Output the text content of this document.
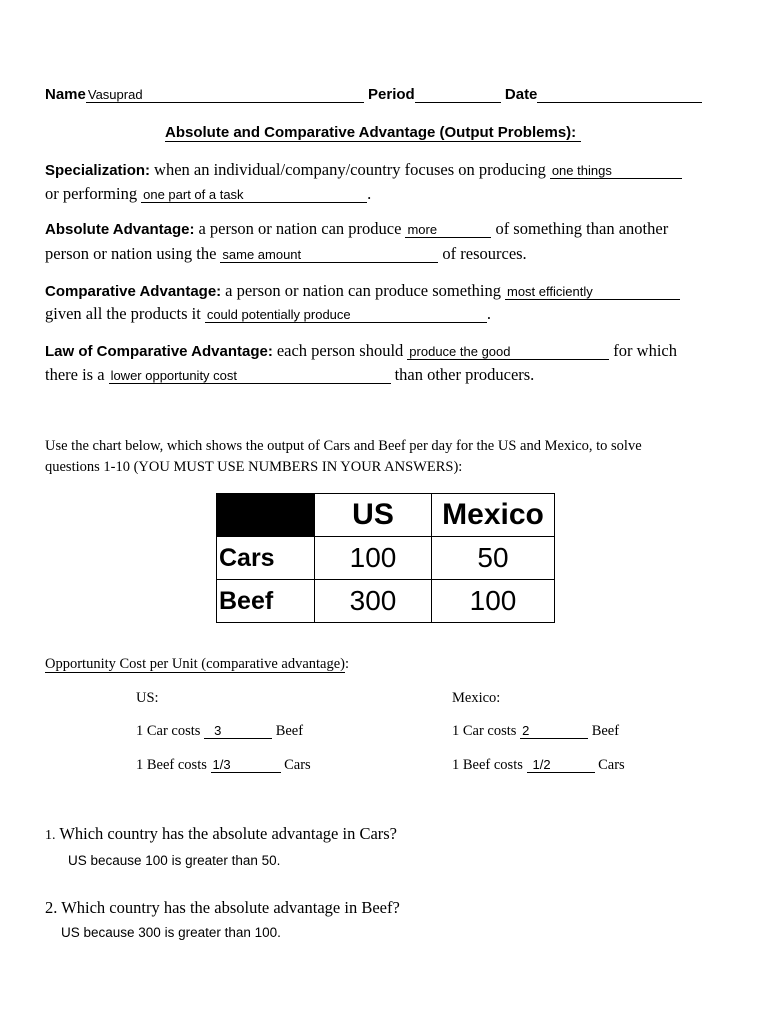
Name Vasuprad	Period	Date
Absolute and Comparative Advantage (Output Problems):
Specialization: when an individual/company/country focuses on producing one things
or performing one part of a task	.
Absolute Advantage: a person or nation can produce more	of something than another
person or nation using the same amount	of resources.
Comparative Advantage: a person or nation can produce something most efficiently
given all the products it could potentially produce	.
Law of Comparative Advantage: each person should produce the good	for which
there is a lower opportunity cost	than other producers.
Use the chart below, which shows the output of Cars and Beef per day for the US and Mexico, to solve
questions 1-10 (YOU MUST USE NUMBERS IN YOUR ANSWERS):
	US	Mexico
Cars	100	50
Beef	300	100
Opportunity Cost per Unit (comparative advantage):
US:
1 Car costs 3	Beef
1 Beef costs 1/3	Cars
Mexico:
1 Car costs 2	Beef
1 Beef costs 1/2	Cars
1. Which country has the absolute advantage in Cars?
US because 100 is greater than 50.
2. Which country has the absolute advantage in Beef?
US because 300 is greater than 100.
